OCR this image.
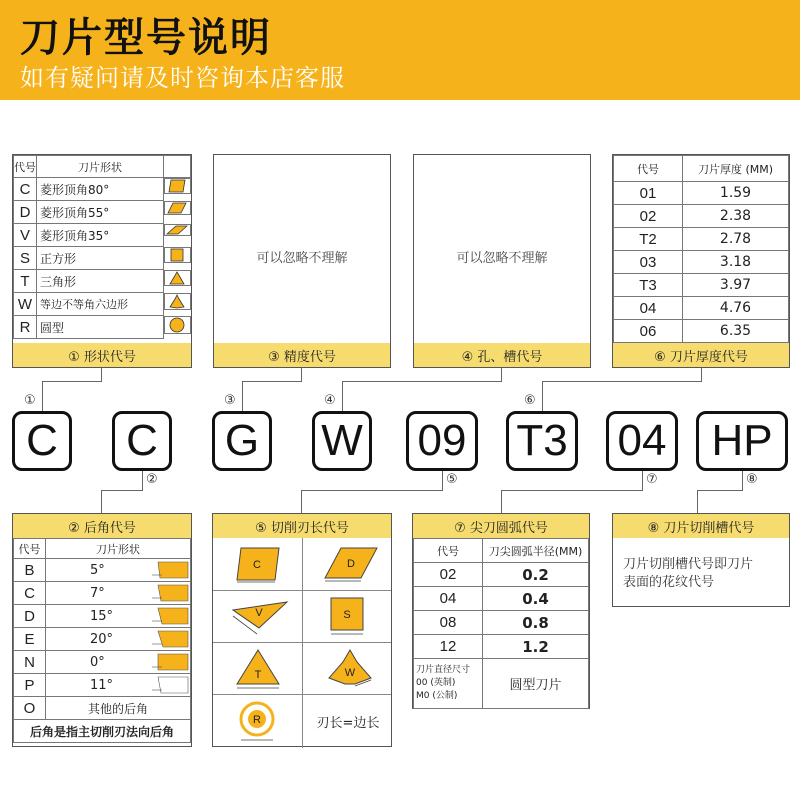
刀片型号说明
如有疑问请及时咨询本店客服
代号	刀片形状	
C	菱形顶角80°	

D	菱形顶角55°	

V	菱形顶角35°	

S	正方形	

T	三角形	

W	等边不等角六边形	

R	圆型	
① 形状代号
可以忽略不理解
③ 精度代号
可以忽略不理解
④ 孔、槽代号
代号	刀片厚度 (MM)
01	1.59
02	2.38
T2	2.78
03	3.18
T3	3.97
04	4.76
06	6.35
⑥ 刀片厚度代号
①	③	④	⑥
C	C	G W 09 T3 04	HP
②	⑤	⑦	⑧
② 后角代号
代号	刀片形状
B	5°

C	7°

D	15°

E	20°

N	0°

P	11°

O	其他的后角
后角是指主切削刃法向后角	
⑤ 切削刃长代号
C	D
V	S
T	W
R	刃长=边长
⑦ 尖刀圆弧代号
代号	刀尖圆弧半径(MM)
02	0.2
04	0.4
08	0.8
12	1.2

刀片直径尺寸
00 (英制)
M0 (公制)	圆型刀片
⑧ 刀片切削槽代号
刀片切削槽代号即刀片
表面的花纹代号
